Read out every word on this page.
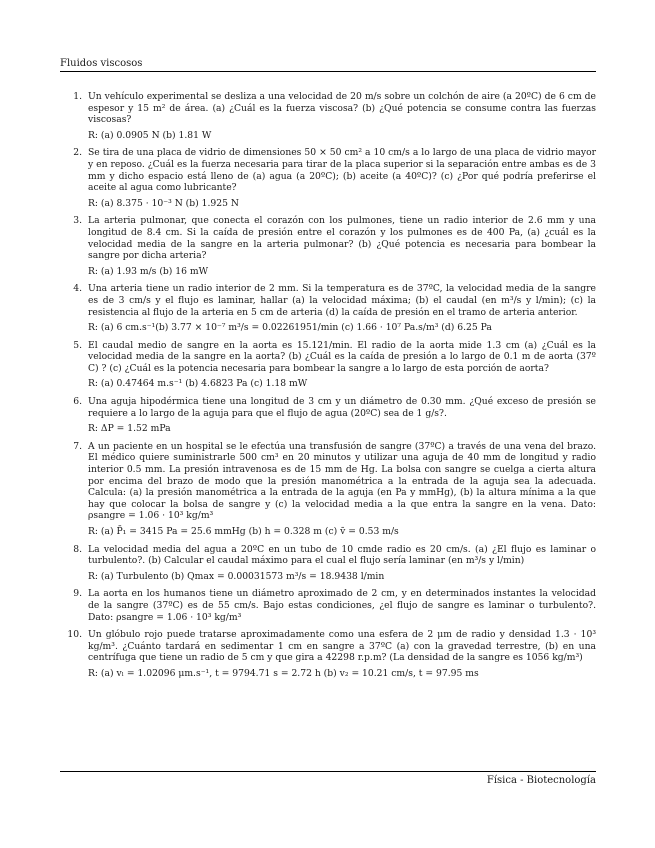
Fluidos viscosos
1. Un vehículo experimental se desliza a una velocidad de 20 m/s sobre un colchón de aire (a 20ºC) de 6 cm de espesor y 15 m² de área. (a) ¿Cuál es la fuerza viscosa? (b) ¿Qué potencia se consume contra las fuerzas viscosas?

R: (a) 0.0905 N (b) 1.81 W

2. Se tira de una placa de vidrio de dimensiones 50 × 50 cm² a 10 cm/s a lo largo de una placa de vidrio mayor y en reposo. ¿Cuál es la fuerza necesaria para tirar de la placa superior si la separación entre ambas es de 3 mm y dicho espacio está lleno de (a) agua (a 20ºC); (b) aceite (a 40ºC)? (c) ¿Por qué podría preferirse el aceite al agua como lubricante?

R: (a) 8.375 · 10⁻³ N (b) 1.925 N

3. La arteria pulmonar, que conecta el corazón con los pulmones, tiene un radio interior de 2.6 mm y una longitud de 8.4 cm. Si la caída de presión entre el corazón y los pulmones es de 400 Pa, (a) ¿cuál es la velocidad media de la sangre en la arteria pulmonar? (b) ¿Qué potencia es necesaria para bombear la sangre por dicha arteria?

R: (a) 1.93 m/s (b) 16 mW

4. Una arteria tiene un radio interior de 2 mm. Si la temperatura es de 37ºC, la velocidad media de la sangre es de 3 cm/s y el flujo es laminar, hallar (a) la velocidad máxima; (b) el caudal (en m³/s y l/min); (c) la resistencia al flujo de la arteria en 5 cm de arteria (d) la caída de presión en el tramo de arteria anterior.

R: (a) 6 cm.s⁻¹(b) 3.77 × 10⁻⁷ m³/s = 0.02261951/min (c) 1.66 · 10⁷ Pa.s/m³ (d) 6.25 Pa

5. El caudal medio de sangre en la aorta es 15.121/min. El radio de la aorta mide 1.3 cm (a) ¿Cuál es la velocidad media de la sangre en la aorta? (b) ¿Cuál es la caída de presión a lo largo de 0.1 m de aorta (37º C) ? (c) ¿Cuál es la potencia necesaria para bombear la sangre a lo largo de esta porción de aorta?

R: (a) 0.47464 m.s⁻¹ (b) 4.6823 Pa (c) 1.18 mW

6. Una aguja hipodérmica tiene una longitud de 3 cm y un diámetro de 0.30 mm. ¿Qué exceso de presión se requiere a lo largo de la aguja para que el flujo de agua (20ºC) sea de 1 g/s?.

R: ΔP = 1.52 mPa

7. A un paciente en un hospital se le efectúa una transfusión de sangre (37ºC) a través de una vena del brazo. El médico quiere suministrarle 500 cm³ en 20 minutos y utilizar una aguja de 40 mm de longitud y radio interior 0.5 mm. La presión intravenosa es de 15 mm de Hg. La bolsa con sangre se cuelga a cierta altura por encima del brazo de modo que la presión manométrica a la entrada de la aguja sea la adecuada. Calcula: (a) la presión manométrica a la entrada de la aguja (en Pa y mmHg), (b) la altura mínima a la que hay que colocar la bolsa de sangre y (c) la velocidad media a la que entra la sangre en la vena. Dato: ρsangre = 1.06 · 10³ kg/m³

R: (a) P̄₁ = 3415 Pa = 25.6 mmHg (b) h = 0.328 m (c) v̄ = 0.53 m/s

8. La velocidad media del agua a 20ºC en un tubo de 10 cmde radio es 20 cm/s. (a) ¿El flujo es laminar o turbulento?. (b) Calcular el caudal máximo para el cual el flujo sería laminar (en m³/s y l/min)

R: (a) Turbulento (b) Qmax = 0.00031573 m³/s = 18.9438 l/min

9. La aorta en los humanos tiene un diámetro aproximado de 2 cm, y en determinados instantes la velocidad de la sangre (37ºC) es de 55 cm/s. Bajo estas condiciones, ¿el flujo de sangre es laminar o turbulento?. Dato: ρsangre = 1.06 · 10³ kg/m³

10. Un glóbulo rojo puede tratarse aproximadamente como una esfera de 2 μm de radio y densidad 1.3 · 10³ kg/m³. ¿Cuánto tardará en sedimentar 1 cm en sangre a 37ºC (a) con la gravedad terrestre, (b) en una centrífuga que tiene un radio de 5 cm y que gira a 42298 r.p.m? (La densidad de la sangre es 1056 kg/m³)

R: (a) vₗ = 1.02096 μm.s⁻¹, t = 9794.71 s = 2.72 h (b) v₂ = 10.21 cm/s, t = 97.95 ms

Física - Biotecnología
